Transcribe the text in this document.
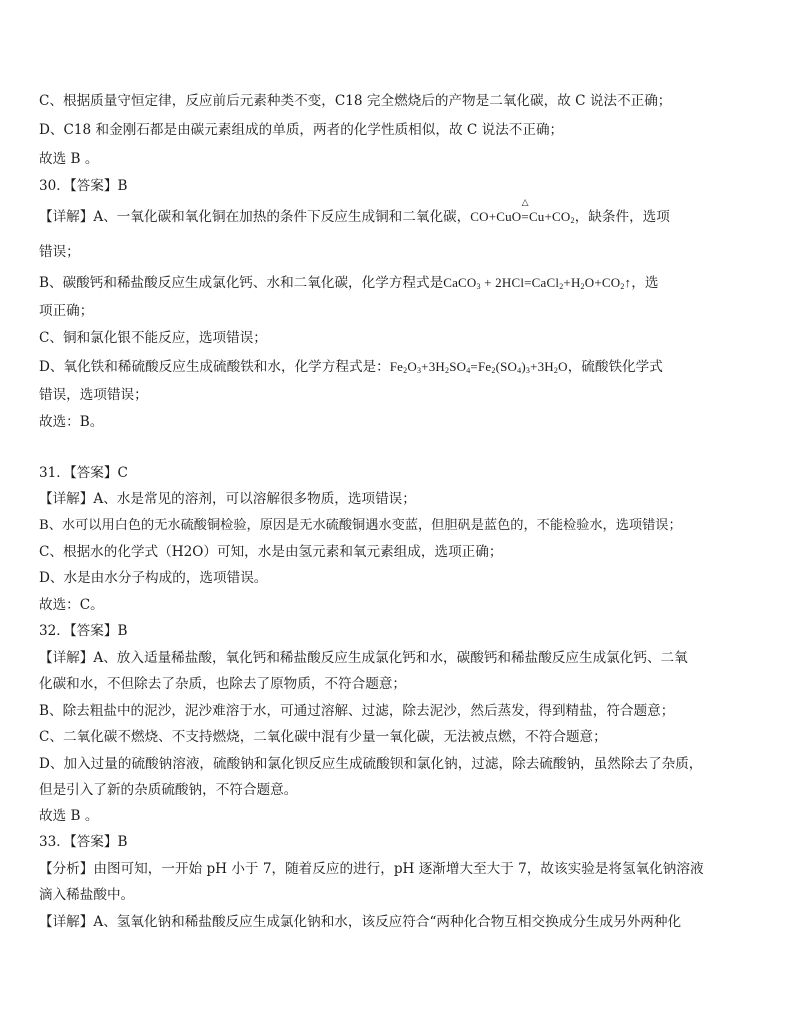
C、根据质量守恒定律，反应前后元素种类不变，C18 完全燃烧后的产物是二氧化碳，故 C 说法不正确；
D、C18 和金刚石都是由碳元素组成的单质，两者的化学性质相似，故 C 说法不正确；
故选 B 。
30．【答案】B
【详解】A、一氧化碳和氧化铜在加热的条件下反应生成铜和二氧化碳，CO+CuO=
△
$Cu+CO_2$，缺条件，选项
错误；
B、碳酸钙和稀盐酸反应生成氯化钙、水和二氧化碳，化学方程式是CaCO$_3$ + $2HCl=CaCl_2+H_2O+CO_2↑$，选
项正确；
C、铜和氯化银不能反应，选项错误；
D、氧化铁和稀硫酸反应生成硫酸铁和水，化学方程式是：$Fe_2O_3+3H_2SO_4=Fe_2(SO_4)_3+3H_2O$，硫酸铁化学式
错误，选项错误；
故选：B。
31．【答案】C
【详解】A、水是常见的溶剂，可以溶解很多物质，选项错误；
B、水可以用白色的无水硫酸铜检验，原因是无水硫酸铜遇水变蓝，但胆矾是蓝色的，不能检验水，选项错误；
C、根据水的化学式（H2O）可知，水是由氢元素和氧元素组成，选项正确；
D、水是由水分子构成的，选项错误。
故选：C。
32．【答案】B
【详解】A、放入适量稀盐酸，氧化钙和稀盐酸反应生成氯化钙和水，碳酸钙和稀盐酸反应生成氯化钙、二氧
化碳和水，不但除去了杂质，也除去了原物质，不符合题意；
B、除去粗盐中的泥沙，泥沙难溶于水，可通过溶解、过滤，除去泥沙，然后蒸发，得到精盐，符合题意；
C、二氧化碳不燃烧、不支持燃烧，二氧化碳中混有少量一氧化碳，无法被点燃，不符合题意；
D、加入过量的硫酸钠溶液，硫酸钠和氯化钡反应生成硫酸钡和氯化钠，过滤，除去硫酸钠，虽然除去了杂质，
但是引入了新的杂质硫酸钠，不符合题意。
故选 B 。
33．【答案】B
【分析】由图可知，一开始 pH 小于 7，随着反应的进行，pH 逐渐增大至大于 7，故该实验是将氢氧化钠溶液
滴入稀盐酸中。
【详解】A、氢氧化钠和稀盐酸反应生成氯化钠和水，该反应符合“两种化合物互相交换成分生成另外两种化
